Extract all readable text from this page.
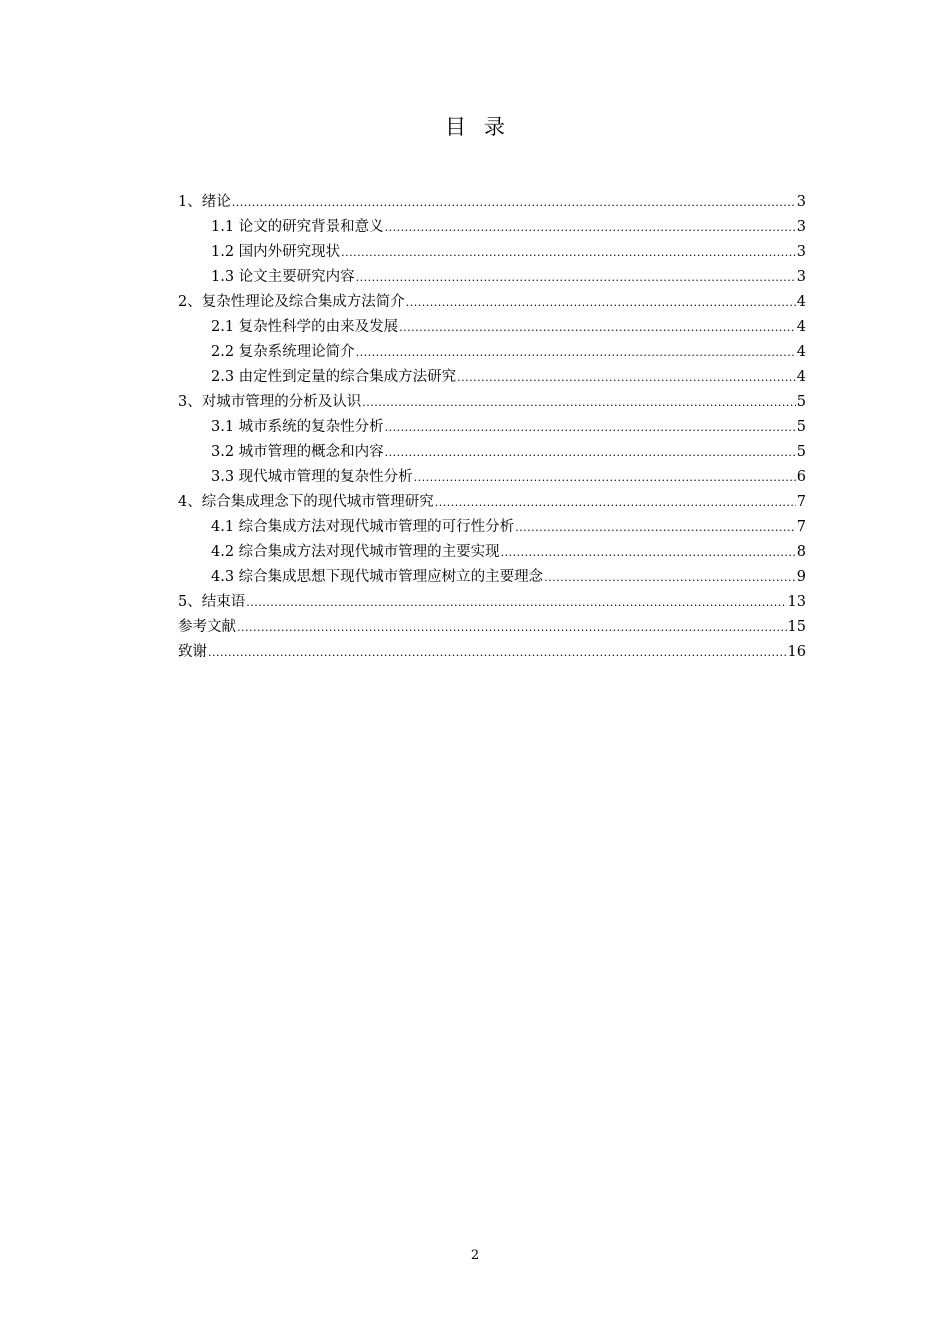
目录
1、绪论 .....	3
1.1 论文的研究背景和意义 .....	3
1.2 国内外研究现状 .....	3
1.3 论文主要研究内容 .....	3
2、复杂性理论及综合集成方法简介 .....	4
2.1 复杂性科学的由来及发展 .....	4
2.2 复杂系统理论简介 .....	4
2.3 由定性到定量的综合集成方法研究 .....	4
3、对城市管理的分析及认识 .....	5
3.1 城市系统的复杂性分析 .....	5
3.2 城市管理的概念和内容 .....	5
3.3 现代城市管理的复杂性分析 .....	6
4、综合集成理念下的现代城市管理研究 .....	7
4.1 综合集成方法对现代城市管理的可行性分析 .....	7
4.2 综合集成方法对现代城市管理的主要实现 .....	8
4.3 综合集成思想下现代城市管理应树立的主要理念 .....	9
5、结束语 .....	13
参考文献 .....	15
致谢 .....	16
2
